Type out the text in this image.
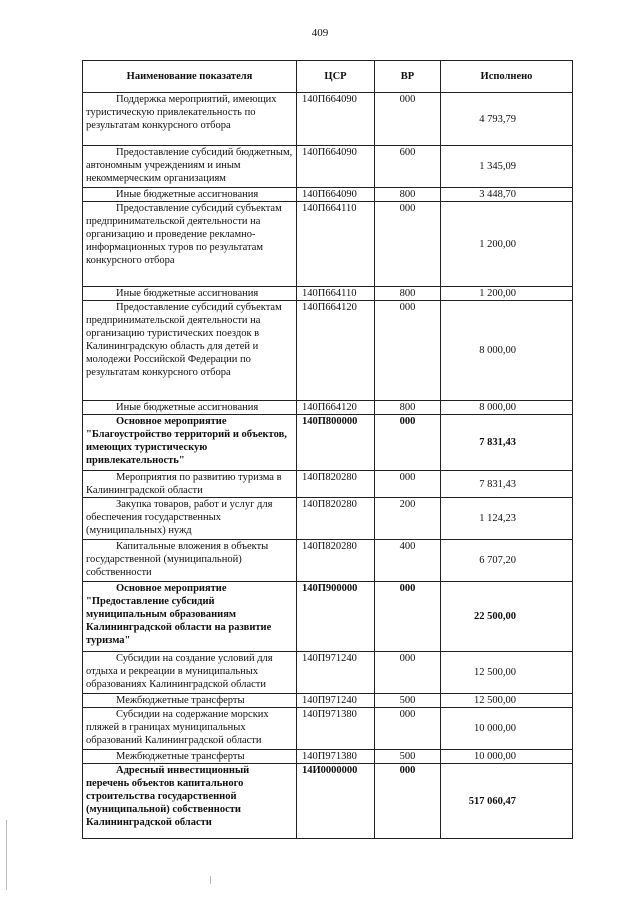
409
Наименование показателя	ЦСР	ВР	Исполнено
Поддержка мероприятий, имеющих туристическую привлекательность по результатам конкурсного отбора	140П664090	000	4 793,79
Предоставление субсидий бюджетным, автономным учреждениям и иным некоммерческим организациям	140П664090	600	1 345,09
Иные бюджетные ассигнования	140П664090	800	3 448,70
Предоставление субсидий субъектам предпринимательской деятельности на организацию и проведение рекламно-информационных туров по результатам конкурсного отбора	140П664110	000	1 200,00
Иные бюджетные ассигнования	140П664110	800	1 200,00
Предоставление субсидий субъектам предпринимательской деятельности на организацию туристических поездок в Калининградскую область для детей и молодежи Российской Федерации по результатам конкурсного отбора	140П664120	000	8 000,00
Иные бюджетные ассигнования	140П664120	800	8 000,00
Основное мероприятие "Благоустройство территорий и объектов, имеющих туристическую привлекательность"	140П800000	000	7 831,43
Мероприятия по развитию туризма в Калининградской области	140П820280	000	7 831,43
Закупка товаров, работ и услуг для обеспечения государственных (муниципальных) нужд	140П820280	200	1 124,23
Капитальные вложения в объекты государственной (муниципальной) собственности	140П820280	400	6 707,20
Основное мероприятие "Предоставление субсидий муниципальным образованиям Калининградской области на развитие туризма"	140П900000	000	22 500,00
Субсидии на создание условий для отдыха и рекреации в муниципальных образованиях Калининградской области	140П971240	000	12 500,00
Межбюджетные трансферты	140П971240	500	12 500,00
Субсидии на содержание морских пляжей в границах муниципальных образований Калининградской области	140П971380	000	10 000,00
Межбюджетные трансферты	140П971380	500	10 000,00
Адресный инвестиционный перечень объектов капитального строительства государственной (муниципальной) собственности Калининградской области	14И0000000	000	517 060,47
